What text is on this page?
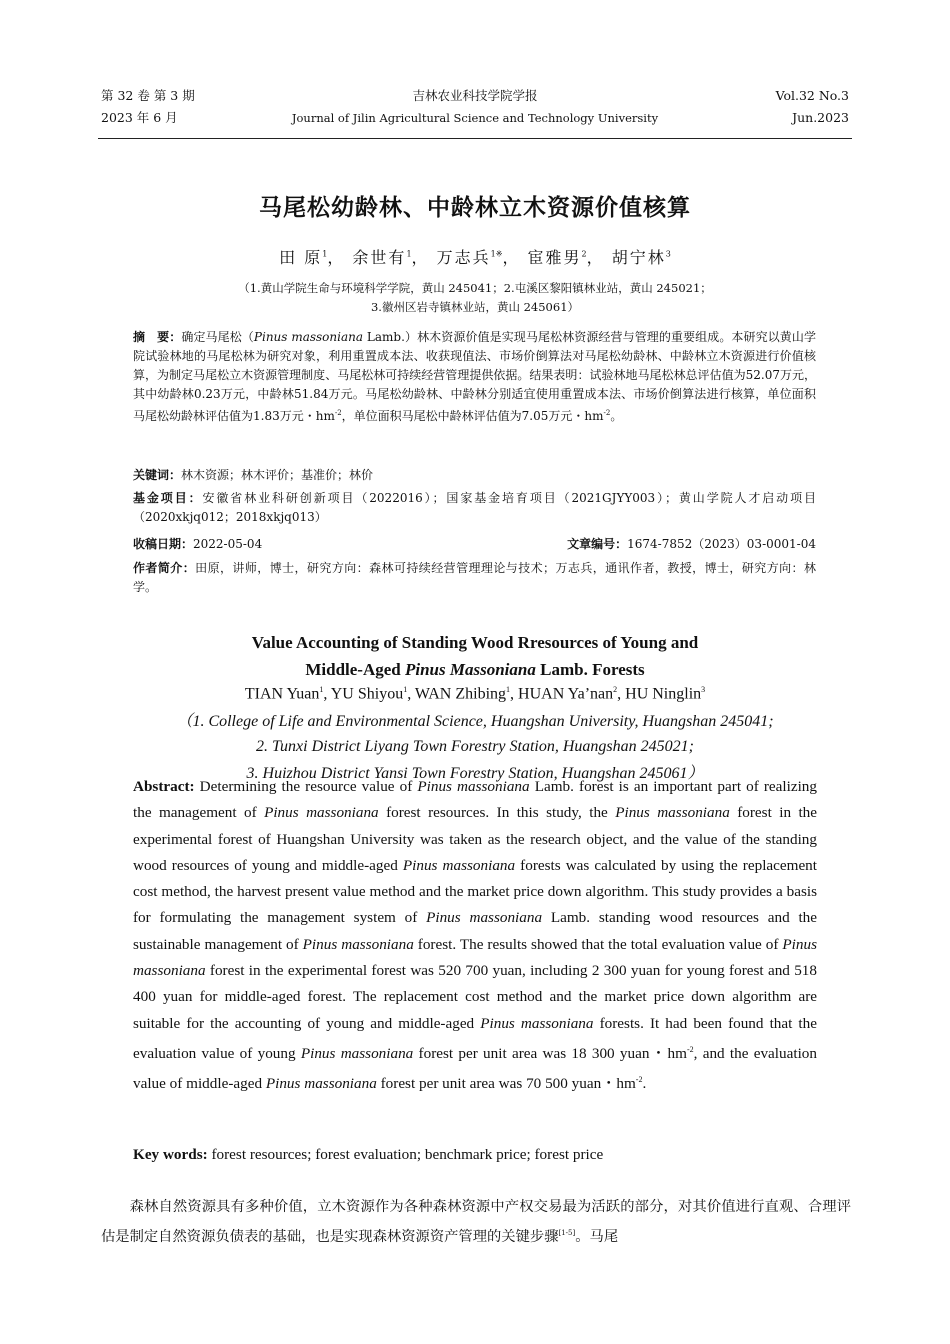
第 32 卷 第 3 期
2023 年 6 月
吉林农业科技学院学报
Journal of Jilin Agricultural Science and Technology University
Vol.32 No.3
Jun.2023
马尾松幼龄林、中龄林立木资源价值核算
田 原$^1$， 余世有$^1$， 万志兵$^{1※}$， 宦雅男$^2$， 胡宁林$^3$
（1.黄山学院生命与环境科学学院，黄山 245041；2.屯溪区黎阳镇林业站，黄山 245021；
3.徽州区岩寺镇林业站，黄山 245061）

摘　要：确定马尾松（Pinus massoniana Lamb.）林木资源价值是实现马尾松林资源经营与管理的重要组成。本研究以黄山学院试验林地的马尾松林为研究对象，利用重置成本法、收获现值法、市场价倒算法对马尾松幼龄林、中龄林立木资源进行价值核算，为制定马尾松立木资源管理制度、马尾松林可持续经营管理提供依据。结果表明：试验林地马尾松林总评估值为52.07万元，其中幼龄林0.23万元，中龄林51.84万元。马尾松幼龄林、中龄林分别适宜使用重置成本法、市场价倒算法进行核算，单位面积马尾松幼龄林评估值为1.83万元・$hm^{-2}$，单位面积马尾松中龄林评估值为7.05万元・$hm^{-2}$。

关键词：林木资源；林木评价；基准价；林价

基金项目：安徽省林业科研创新项目（2022016）；国家基金培育项目（2021GJYY003）；黄山学院人才启动项目（2020xkjq012；2018xkjq013）

收稿日期：2022-05-04	文章编号：1674-7852（2023）03-0001-04

作者简介：田原，讲师，博士，研究方向：森林可持续经营管理理论与技术；万志兵，通讯作者，教授，博士，研究方向：林学。

Value Accounting of Standing Wood Rresources of Young and
Middle-Aged Pinus Massoniana Lamb. Forests
TIAN Yuan$^1$, YU Shiyou$^1$, WAN Zhibing$^1$, HUAN Ya’nan$^2$, HU Ninglin$^3$
（1. College of Life and Environmental Science, Huangshan University, Huangshan 245041;
2. Tunxi District Liyang Town Forestry Station, Huangshan 245021;
3. Huizhou District Yansi Town Forestry Station, Huangshan 245061）

Abstract: Determining the resource value of Pinus massoniana Lamb. forest is an important part of realizing the management of Pinus massoniana forest resources. In this study, the Pinus massoniana forest in the experimental forest of Huangshan University was taken as the research object, and the value of the standing wood resources of young and middle-aged Pinus massoniana forests was calculated by using the replacement cost method, the harvest present value method and the market price down algorithm. This study provides a basis for formulating the management system of Pinus massoniana Lamb. standing wood resources and the sustainable management of Pinus massoniana forest. The results showed that the total evaluation value of Pinus massoniana forest in the experimental forest was 520 700 yuan, including 2 300 yuan for young forest and 518 400 yuan for middle-aged forest. The replacement cost method and the market price down algorithm are suitable for the accounting of young and middle-aged Pinus massoniana forests. It had been found that the evaluation value of young Pinus massoniana forest per unit area was 18 300 yuan・$hm^{-2}$, and the evaluation value of middle-aged Pinus massoniana forest per unit area was 70 500 yuan・$hm^{-2}$.

Key words: forest resources; forest evaluation; benchmark price; forest price

森林自然资源具有多种价值，立木资源作为各种森林资源中产权交易最为活跃的部分，对其价值进行直观、合理评估是制定自然资源负债表的基础，也是实现森林资源资产管理的关键步骤[1-5]。马尾
